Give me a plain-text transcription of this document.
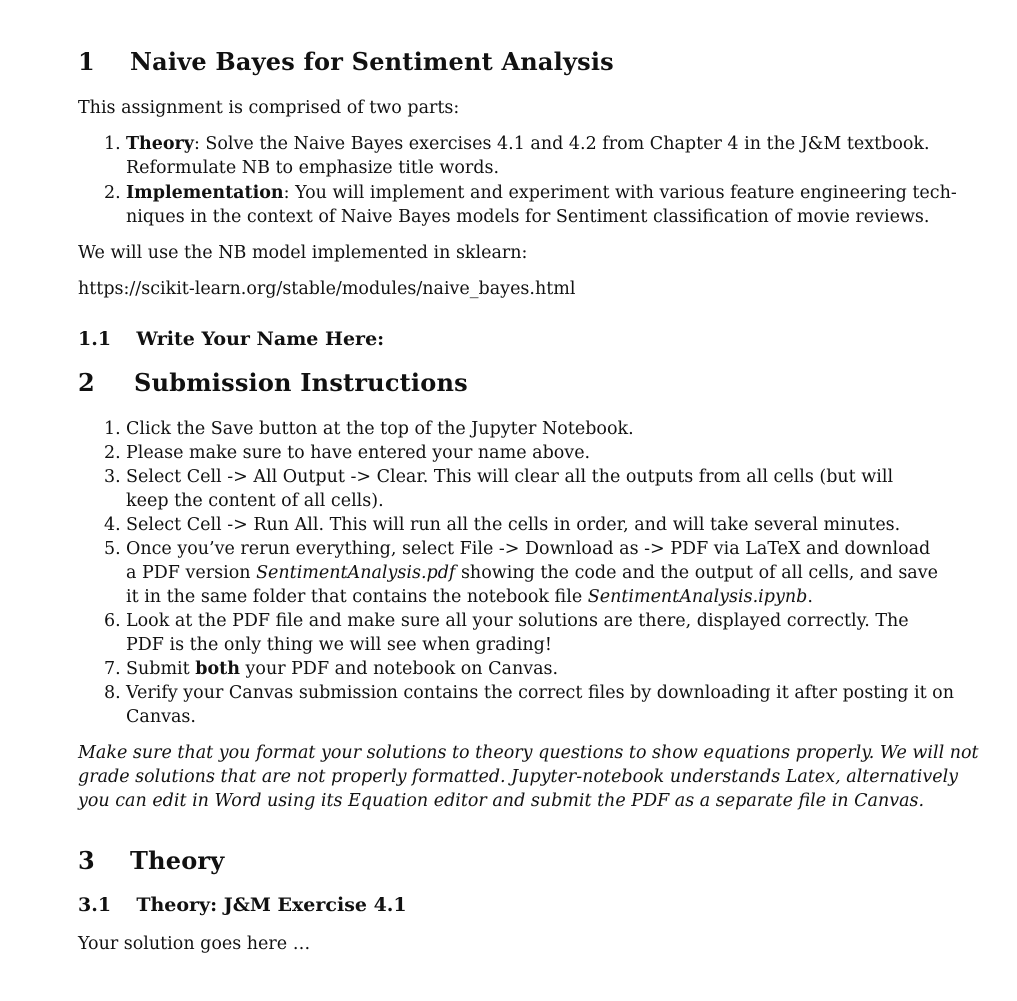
1 Naive Bayes for Sentiment Analysis
This assignment is comprised of two parts:
1. Theory: Solve the Naive Bayes exercises 4.1 and 4.2 from Chapter 4 in the J&M textbook.
Reformulate NB to emphasize title words.
2. Implementation: You will implement and experiment with various feature engineering tech-
niques in the context of Naive Bayes models for Sentiment classification of movie reviews.
We will use the NB model implemented in sklearn:
https://scikit-learn.org/stable/modules/naive_bayes.html
1.1 Write Your Name Here:
2 Submission Instructions
1. Click the Save button at the top of the Jupyter Notebook.
2. Please make sure to have entered your name above.
3. Select Cell -> All Output -> Clear. This will clear all the outputs from all cells (but will
keep the content of all cells).
4. Select Cell -> Run All. This will run all the cells in order, and will take several minutes.
5. Once you’ve rerun everything, select File -> Download as -> PDF via LaTeX and download
a PDF version SentimentAnalysis.pdf showing the code and the output of all cells, and save
it in the same folder that contains the notebook file SentimentAnalysis.ipynb.
6. Look at the PDF file and make sure all your solutions are there, displayed correctly. The
PDF is the only thing we will see when grading!
7. Submit both your PDF and notebook on Canvas.
8. Verify your Canvas submission contains the correct files by downloading it after posting it on
Canvas.
Make sure that you format your solutions to theory questions to show equations properly. We will not
grade solutions that are not properly formatted. Jupyter-notebook understands Latex, alternatively
you can edit in Word using its Equation editor and submit the PDF as a separate file in Canvas.
3 Theory
3.1 Theory: J&M Exercise 4.1
Your solution goes here …
